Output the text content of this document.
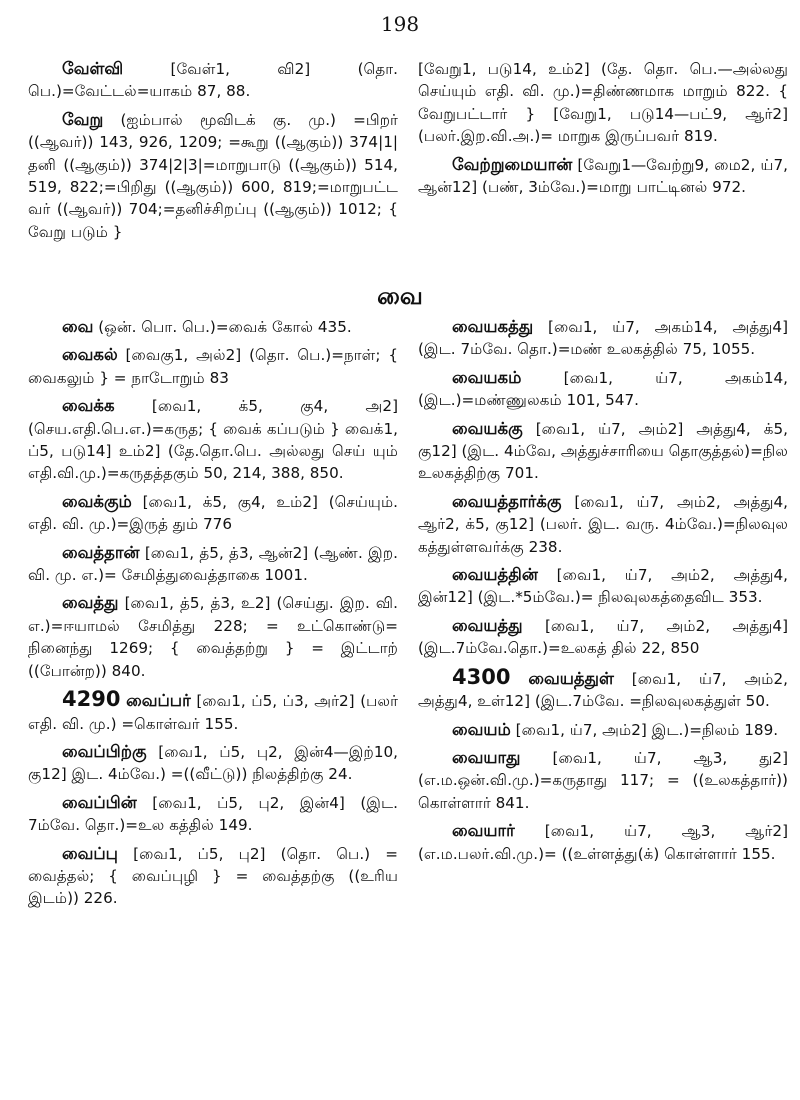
198

வேள்வி	[வேள்1, வி2] (தொ. பெ.)=வேட்டல்=யாகம் 87, 88.

வேறு (ஐம்பால் மூவிடக் கு. மு.) =பிறர் ((ஆவர்)) 143, 926, 1209; =கூறு ((ஆகும்)) 374|1| தனி ((ஆகும்)) 374|2|3|=மாறுபாடு ((ஆகும்)) 514, 519, 822;=பிறிது ((ஆகும்)) 600, 819;=மாறுபட்ட வர் ((ஆவர்)) 704;=தனிச்சிறப்பு ((ஆகும்)) 1012; { வேறு படும் }

[வேறு1, படு14, உம்2] (தே. தொ. பெ.—அல்லது செய்யும் எதி. வி. மு.)=திண்ணமாக மாறும் 822. { வேறுபட்டார் } [வேறு1, படு14—பட்9, ஆர்2] (பலர்.இற.வி.அ.)= மாறுக இருப்பவர் 819.

வேற்றுமையான் [வேறு1—வேற்று9, மை2, ய்7, ஆன்12] (பண், 3ம்வே.)=மாறு பாட்டினல் 972.

வை

வை (ஒன். பொ. பெ.)=வைக் கோல் 435.

வைகல் [வைகு1, அல்2] (தொ. பெ.)=நாள்; { வைகலும் } = நாடோறும் 83

வைக்க [வை1, க்5, கு4, அ2] (செய.எதி.பெ.எ.)=கருத; { வைக் கப்படும் } வைக்1, ப்5, படு14] உம்2] (தே.தொ.பெ. அல்லது செய் யும் எதி.வி.மு.)=கருதத்தகும் 50, 214, 388, 850.

வைக்கும் [வை1, க்5, கு4, உம்2] (செய்யும். எதி. வி. மு.)=இருத் தும் 776

வைத்தான் [வை1, த்5, த்3, ஆன்2] (ஆண். இற. வி. மு. எ.)= சேமித்துவைத்தாகை 1001.

வைத்து [வை1, த்5, த்3, உ2] (செய்து. இற. வி. எ.)=ஈயாமல் சேமித்து 228; = உட்கொண்டு= நினைந்து 1269; { வைத்தற்று } = இட்டாற் ((போன்ற)) 840.

4290 வைப்பர் [வை1, ப்5, ப்3, அர்2] (பலர் எதி. வி. மு.) =கொள்வர் 155.

வைப்பிற்கு [வை1, ப்5, பு2, இன்4—இற்10, கு12] இட. 4ம்வே.) =((வீட்டு)) நிலத்திற்கு 24.

வைப்பின் [வை1, ப்5, பு2, இன்4] (இட. 7ம்வே. தொ.)=உல கத்தில் 149.

வைப்பு [வை1, ப்5, பு2] (தொ. பெ.) = வைத்தல்; { வைப்புழி } = வைத்தற்கு ((உரிய இடம்)) 226.

வையகத்து [வை1, ய்7, அகம்14, அத்து4] (இட. 7ம்வே. தொ.)=மண் உலகத்தில் 75, 1055.

வையகம்	[வை1, ய்7, அகம்14, (இட.)=மண்ணுலகம் 101, 547.

வையக்கு [வை1, ய்7, அம்2] அத்து4, க்5, கு12] (இட. 4ம்வே, அத்துச்சாரியை தொகுத்தல்)=நில உலகத்திற்கு 701.

வையத்தார்க்கு [வை1, ய்7, அம்2, அத்து4, ஆர்2, க்5, கு12] (பலர். இட. வரு. 4ம்வே.)=நிலவுல கத்துள்ளவர்க்கு 238.

வையத்தின் [வை1, ய்7, அம்2, அத்து4, இன்12] (இட.*5ம்வே.)= நிலவுலகத்தைவிட 353.

வையத்து [வை1, ய்7, அம்2, அத்து4](இட.7ம்வே.தொ.)=உலகத் தில் 22, 850

4300 வையத்துள் [வை1, ய்7, அம்2, அத்து4, உள்12] (இட.7ம்வே. =நிலவுலகத்துள் 50.

வையம் [வை1, ய்7, அம்2] இட.)=நிலம் 189.

வையாது [வை1, ய்7, ஆ3, து2] (எ.ம.ஒன்.வி.மு.)=கருதாது 117; = ((உலகத்தார்)) கொள்ளார் 841.

வையார் [வை1, ய்7, ஆ3, ஆர்2] (எ.ம.பலர்.வி.மு.)= ((உள்ளத்து(க்) கொள்ளார் 155.
